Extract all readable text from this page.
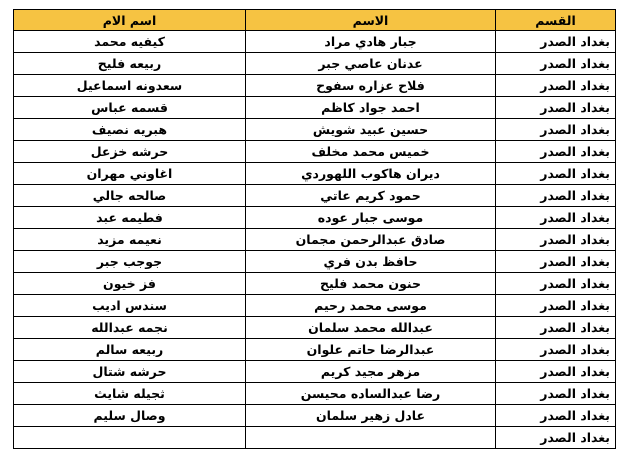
القسم	الاسم	اسم الام
بغداد الصدر	جبار هادي مراد	كيفيه محمد
بغداد الصدر	عدنان عاصي جبر	ربيعه فليح
بغداد الصدر	فلاح عزاره سفوح	سعدونه اسماعيل
بغداد الصدر	احمد جواد كاظم	قسمه عباس
بغداد الصدر	حسين عبيد شويش	هبريه نصيف
بغداد الصدر	خميس محمد مخلف	حرشه خزعل
بغداد الصدر	ديران هاكوب اللهوردي	اغاوني مهران
بغداد الصدر	حمود كريم عاتي	صالحه جالي
بغداد الصدر	موسى جبار عوده	فطيمه عبد
بغداد الصدر	صادق عبدالرحمن مجمان	نعيمه مزيد
بغداد الصدر	حافظ بدن فري	جوجب جبر
بغداد الصدر	حنون محمد فليح	فز خيون
بغداد الصدر	موسى محمد رحيم	سندس اديب
بغداد الصدر	عبدالله محمد سلمان	نجمه عبدالله
بغداد الصدر	عبدالرضا حاتم علوان	ربيعه سالم
بغداد الصدر	مزهر مجيد كريم	حرشه شتال
بغداد الصدر	رضا عبدالساده محيسن	ثجيله شايث
بغداد الصدر	عادل زهير سلمان	وصال سليم
بغداد الصدر		
